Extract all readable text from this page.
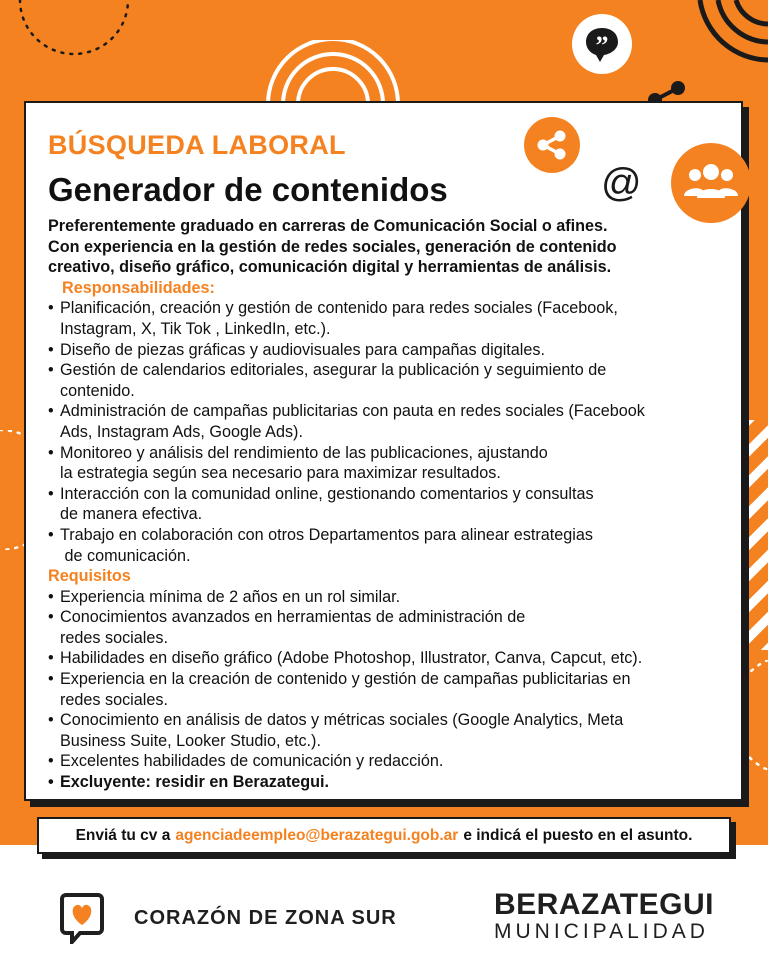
”
BÚSQUEDA LABORAL
Generador de contenidos
Preferentemente graduado en carreras de Comunicación Social o afines.
Con experiencia en la gestión de redes sociales, generación de contenido
creativo, diseño gráfico, comunicación digital y herramientas de análisis.
Responsabilidades:
• Planificación, creación y gestión de contenido para redes sociales (Facebook,
Instagram, X, Tik Tok , LinkedIn, etc.).
• Diseño de piezas gráficas y audiovisuales para campañas digitales.
• Gestión de calendarios editoriales, asegurar la publicación y seguimiento de
contenido.
• Administración de campañas publicitarias con pauta en redes sociales (Facebook
Ads, Instagram Ads, Google Ads).
• Monitoreo y análisis del rendimiento de las publicaciones, ajustando
la estrategia según sea necesario para maximizar resultados.
• Interacción con la comunidad online, gestionando comentarios y consultas
de manera efectiva.
• Trabajo en colaboración con otros Departamentos para alinear estrategias
de comunicación.
Requisitos
• Experiencia mínima de 2 años en un rol similar.
• Conocimientos avanzados en herramientas de administración de
redes sociales.
• Habilidades en diseño gráfico (Adobe Photoshop, Illustrator, Canva, Capcut, etc).
• Experiencia en la creación de contenido y gestión de campañas publicitarias en
redes sociales.
• Conocimiento en análisis de datos y métricas sociales (Google Analytics, Meta
Business Suite, Looker Studio, etc.).
• Excelentes habilidades de comunicación y redacción.
• Excluyente: residir en Berazategui.
@
Enviá tu cv a agenciadeempleo@berazategui.gob.ar e indicá el puesto en el asunto.
CORAZÓN DE ZONA SUR	BERAZATEGUI
MUNICIPALIDAD
